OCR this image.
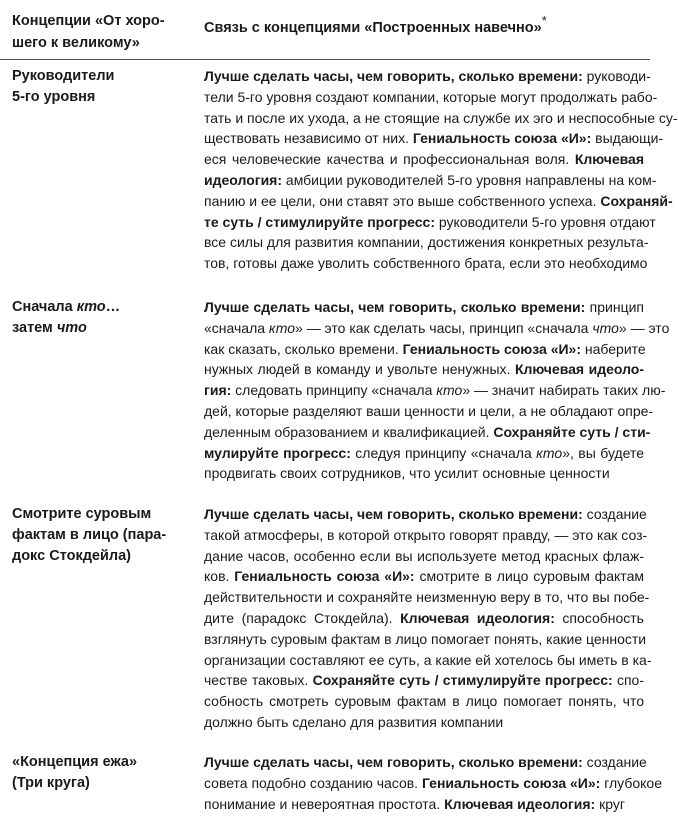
Концепции «От хоро-
шего к великому»
Связь с концепциями «Построенных навечно»*
Руководители
5-го уровня
Лучше сделать часы, чем говорить, сколько времени: руководи-
тели 5-го уровня создают компании, которые могут продолжать рабо-
тать и после их ухода, а не стоящие на службе их эго и неспособные су-
ществовать независимо от них. Гениальность союза «И»: выдающи-
еся человеческие качества и профессиональная воля. Ключевая
идеология: амбиции руководителей 5-го уровня направлены на ком-
панию и ее цели, они ставят это выше собственного успеха. Сохраняй-
те суть / стимулируйте прогресс: руководители 5-го уровня отдают
все силы для развития компании, достижения конкретных результа-
тов, готовы даже уволить собственного брата, если это необходимо
Сначала кто…
затем что
Лучше сделать часы, чем говорить, сколько времени: принцип
«сначала кто» — это как сделать часы, принцип «сначала что» — это
как сказать, сколько времени. Гениальность союза «И»: наберите
нужных людей в команду и увольте ненужных. Ключевая идеоло-
гия: следовать принципу «сначала кто» — значит набирать таких лю-
дей, которые разделяют ваши ценности и цели, а не обладают опре-
деленным образованием и квалификацией. Сохраняйте суть / сти-
мулируйте прогресс: следуя принципу «сначала кто», вы будете
продвигать своих сотрудников, что усилит основные ценности
Смотрите суровым
фактам в лицо (пара-
докс Стокдейла)
Лучше сделать часы, чем говорить, сколько времени: создание
такой атмосферы, в которой открыто говорят правду, — это как соз-
дание часов, особенно если вы используете метод красных флаж-
ков. Гениальность союза «И»: смотрите в лицо суровым фактам
действительности и сохраняйте неизменную веру в то, что вы побе-
дите (парадокс Стокдейла). Ключевая идеология: способность
взглянуть суровым фактам в лицо помогает понять, какие ценности
организации составляют ее суть, а какие ей хотелось бы иметь в ка-
честве таковых. Сохраняйте суть / стимулируйте прогресс: спо-
собность смотреть суровым фактам в лицо помогает понять, что
должно быть сделано для развития компании
«Концепция ежа»
(Три круга)
Лучше сделать часы, чем говорить, сколько времени: создание
совета подобно созданию часов. Гениальность союза «И»: глубокое
понимание и невероятная простота. Ключевая идеология: круг
